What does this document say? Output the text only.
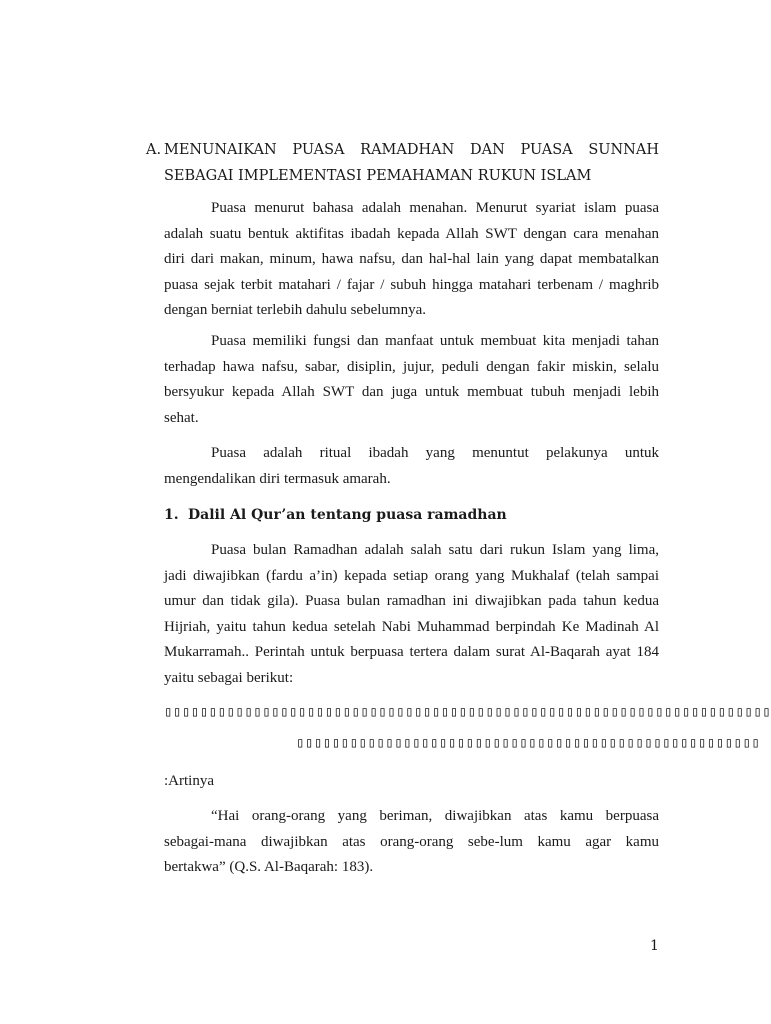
A. MENUNAIKAN PUASA RAMADHAN DAN PUASA SUNNAH
SEBAGAI IMPLEMENTASI PEMAHAMAN RUKUN ISLAM
Puasa menurut bahasa adalah menahan. Menurut syariat islam puasa
adalah suatu bentuk aktifitas ibadah kepada Allah SWT dengan cara menahan
diri dari makan, minum, hawa nafsu, dan hal-hal lain yang dapat membatalkan
puasa sejak terbit matahari / fajar / subuh hingga matahari terbenam / maghrib
dengan berniat terlebih dahulu sebelumnya.
Puasa memiliki fungsi dan manfaat untuk membuat kita menjadi tahan
terhadap hawa nafsu, sabar, disiplin, jujur, peduli dengan fakir miskin, selalu
bersyukur kepada Allah SWT dan juga untuk membuat tubuh menjadi lebih
sehat.
Puasa adalah ritual ibadah yang menuntut pelakunya untuk
mengendalikan diri termasuk amarah.
1. Dalil Al Qur’an tentang puasa ramadhan
Puasa bulan Ramadhan adalah salah satu dari rukun Islam yang lima,
jadi diwajibkan (fardu a’in) kepada setiap orang yang Mukhalaf (telah sampai
umur dan tidak gila). Puasa bulan ramadhan ini diwajibkan pada tahun kedua
Hijriah, yaitu tahun kedua setelah Nabi Muhammad berpindah Ke Madinah Al
Mukarramah.. Perintah untuk berpuasa tertera dalam surat Al-Baqarah ayat 184
yaitu sebagai berikut:
▯▯▯▯▯▯▯▯▯▯▯ ▯▯▯▯▯▯▯▯▯ ▯▯▯▯▯▯▯▯▯▯ ▯▯▯▯▯▯ ▯▯▯▯▯▯▯▯▯▯ ▯▯▯▯▯▯▯▯▯▯▯ ▯▯▯▯▯ ▯▯▯▯▯▯
▯▯▯▯▯ ▯▯▯▯▯▯▯▯▯ ▯▯▯ ▯▯▯▯▯▯▯▯▯▯ ▯▯▯▯▯▯▯▯▯▯ ▯▯▯▯▯▯▯▯▯▯ ▯▯▯▯▯
:Artinya
“Hai orang-orang yang beriman, diwajibkan atas kamu berpuasa
sebagai-mana diwajibkan atas orang-orang sebe-lum kamu agar kamu
bertakwa” (Q.S. Al-Baqarah: 183).
1
